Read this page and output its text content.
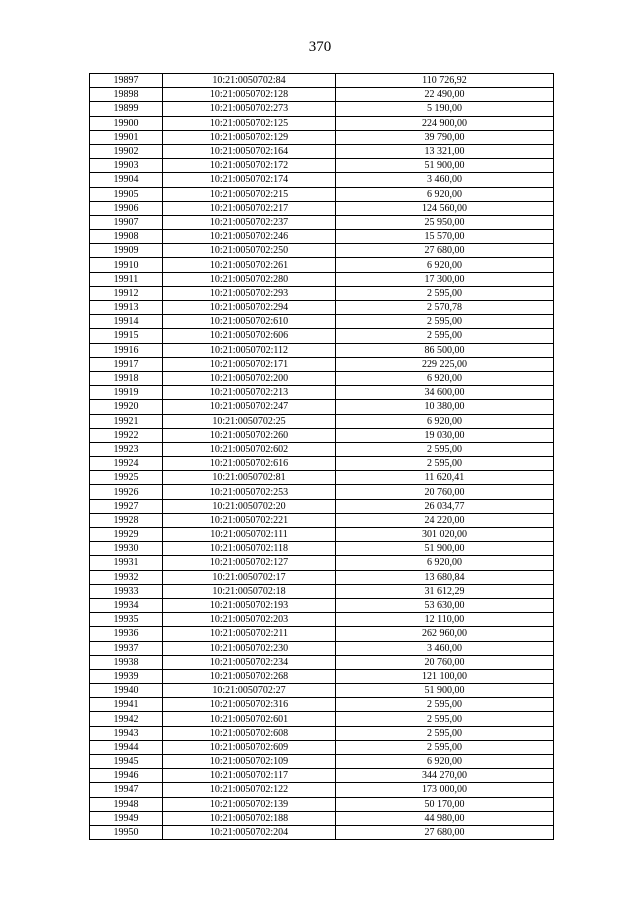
370
19897	10:21:0050702:84	110 726,92
19898	10:21:0050702:128	22 490,00
19899	10:21:0050702:273	5 190,00
19900	10:21:0050702:125	224 900,00
19901	10:21:0050702:129	39 790,00
19902	10:21:0050702:164	13 321,00
19903	10:21:0050702:172	51 900,00
19904	10:21:0050702:174	3 460,00
19905	10:21:0050702:215	6 920,00
19906	10:21:0050702:217	124 560,00
19907	10:21:0050702:237	25 950,00
19908	10:21:0050702:246	15 570,00
19909	10:21:0050702:250	27 680,00
19910	10:21:0050702:261	6 920,00
19911	10:21:0050702:280	17 300,00
19912	10:21:0050702:293	2 595,00
19913	10:21:0050702:294	2 570,78
19914	10:21:0050702:610	2 595,00
19915	10:21:0050702:606	2 595,00
19916	10:21:0050702:112	86 500,00
19917	10:21:0050702:171	229 225,00
19918	10:21:0050702:200	6 920,00
19919	10:21:0050702:213	34 600,00
19920	10:21:0050702:247	10 380,00
19921	10:21:0050702:25	6 920,00
19922	10:21:0050702:260	19 030,00
19923	10:21:0050702:602	2 595,00
19924	10:21:0050702:616	2 595,00
19925	10:21:0050702:81	11 620,41
19926	10:21:0050702:253	20 760,00
19927	10:21:0050702:20	26 034,77
19928	10:21:0050702:221	24 220,00
19929	10:21:0050702:111	301 020,00
19930	10:21:0050702:118	51 900,00
19931	10:21:0050702:127	6 920,00
19932	10:21:0050702:17	13 680,84
19933	10:21:0050702:18	31 612,29
19934	10:21:0050702:193	53 630,00
19935	10:21:0050702:203	12 110,00
19936	10:21:0050702:211	262 960,00
19937	10:21:0050702:230	3 460,00
19938	10:21:0050702:234	20 760,00
19939	10:21:0050702:268	121 100,00
19940	10:21:0050702:27	51 900,00
19941	10:21:0050702:316	2 595,00
19942	10:21:0050702:601	2 595,00
19943	10:21:0050702:608	2 595,00
19944	10:21:0050702:609	2 595,00
19945	10:21:0050702:109	6 920,00
19946	10:21:0050702:117	344 270,00
19947	10:21:0050702:122	173 000,00
19948	10:21:0050702:139	50 170,00
19949	10:21:0050702:188	44 980,00
19950	10:21:0050702:204	27 680,00
